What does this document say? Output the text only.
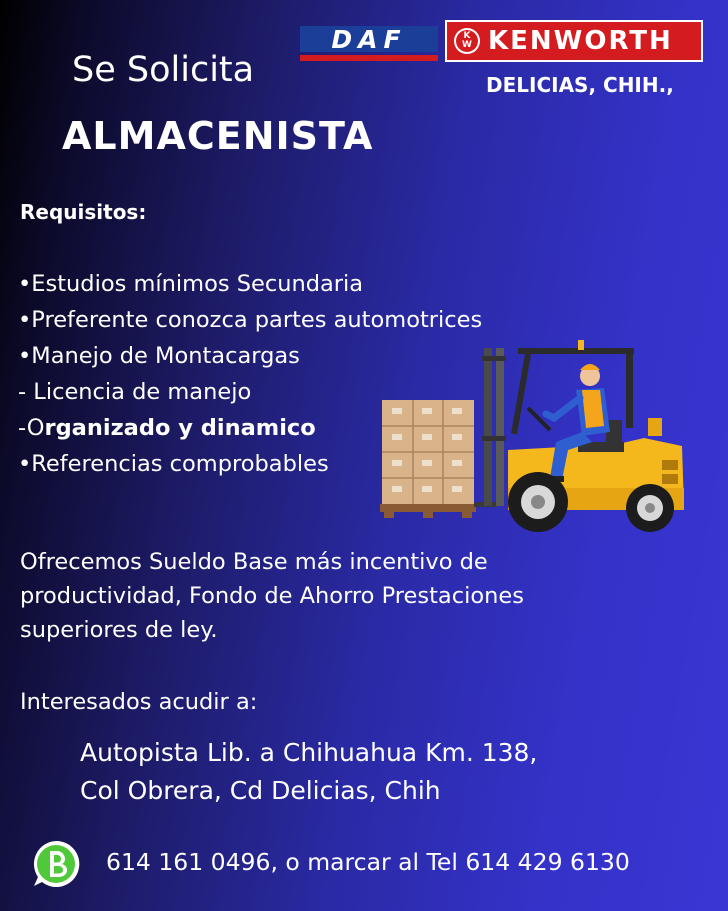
Se Solicita
ALMACENISTA
DAF	K
W KENWORTH
DELICIAS, CHIH.,
Requisitos:
•Estudios mínimos Secundaria
•Preferente conozca partes automotrices
•Manejo de Montacargas
- Licencia de manejo
-Organizado y dinamico
•Referencias comprobables
Ofrecemos Sueldo Base más incentivo de productividad, Fondo de Ahorro Prestaciones superiores de ley.
Interesados acudir a:
Autopista Lib. a Chihuahua Km. 138,
Col Obrera, Cd Delicias, Chih
614 161 0496, o marcar al Tel 614 429 6130
